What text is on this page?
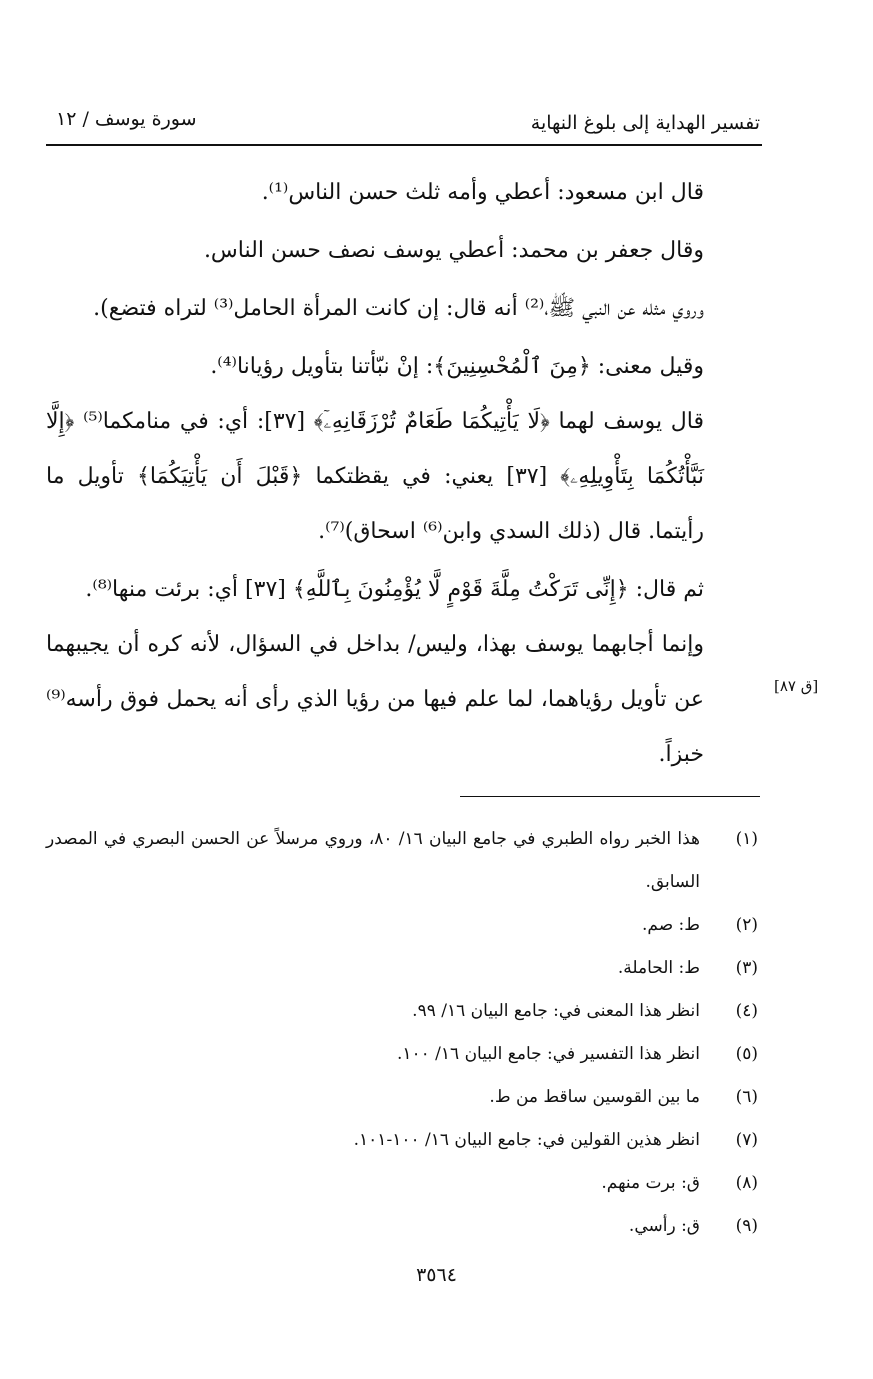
تفسير الهداية إلى بلوغ النهاية
سورة يوسف / ١٢
[ق ٨٧]

قال ابن مسعود: أعطي وأمه ثلث حسن الناس⁽¹⁾.

وقال جعفر بن محمد: أعطي يوسف نصف حسن الناس.

وروي مثله عن النبي ﷺ،⁽²⁾ أنه قال: إن كانت المرأة الحامل⁽³⁾ لتراه فتضع).

وقيل معنى: ﴿مِنَ ٱلْمُحْسِنِينَ﴾: إنْ نبّأتنا بتأويل رؤيانا⁽⁴⁾.

قال يوسف لهما ﴿لَا يَأْتِيكُمَا طَعَامٌ تُرْزَقَانِهِۦٓ﴾ [٣٧]: أي: في منامكما⁽⁵⁾ ﴿إِلَّا نَبَّأْتُكُمَا بِتَأْوِيلِهِۦ﴾ [٣٧] يعني: في يقظتكما ﴿قَبْلَ أَن يَأْتِيَكُمَا﴾ تأويل ما رأيتما. قال (ذلك السدي وابن⁽⁶⁾ اسحاق)⁽⁷⁾.

ثم قال: ﴿إِنِّى تَرَكْتُ مِلَّةَ قَوْمٍ لَّا يُؤْمِنُونَ بِٱللَّهِ﴾ [٣٧] أي: برئت منها⁽⁸⁾.

وإنما أجابهما يوسف بهذا، وليس/ بداخل في السؤال، لأنه كره أن يجيبهما عن تأويل رؤياهما، لما علم فيها من رؤيا الذي رأى أنه يحمل فوق رأسه⁽⁹⁾ خبزاً.

(١)
هذا الخبر رواه الطبري في جامع البيان ١٦/ ٨٠، وروي مرسلاً عن الحسن البصري في المصدر السابق.
(٢)
ط: صم.
(٣)
ط: الحاملة.
(٤)
انظر هذا المعنى في: جامع البيان ١٦/ ٩٩.
(٥)
انظر هذا التفسير في: جامع البيان ١٦/ ١٠٠.
(٦)
ما بين القوسين ساقط من ط.
(٧)
انظر هذين القولين في: جامع البيان ١٦/ ١٠٠-١٠١.
(٨)
ق: برت منهم.
(٩)
ق: رأسي.
٣٥٦٤
